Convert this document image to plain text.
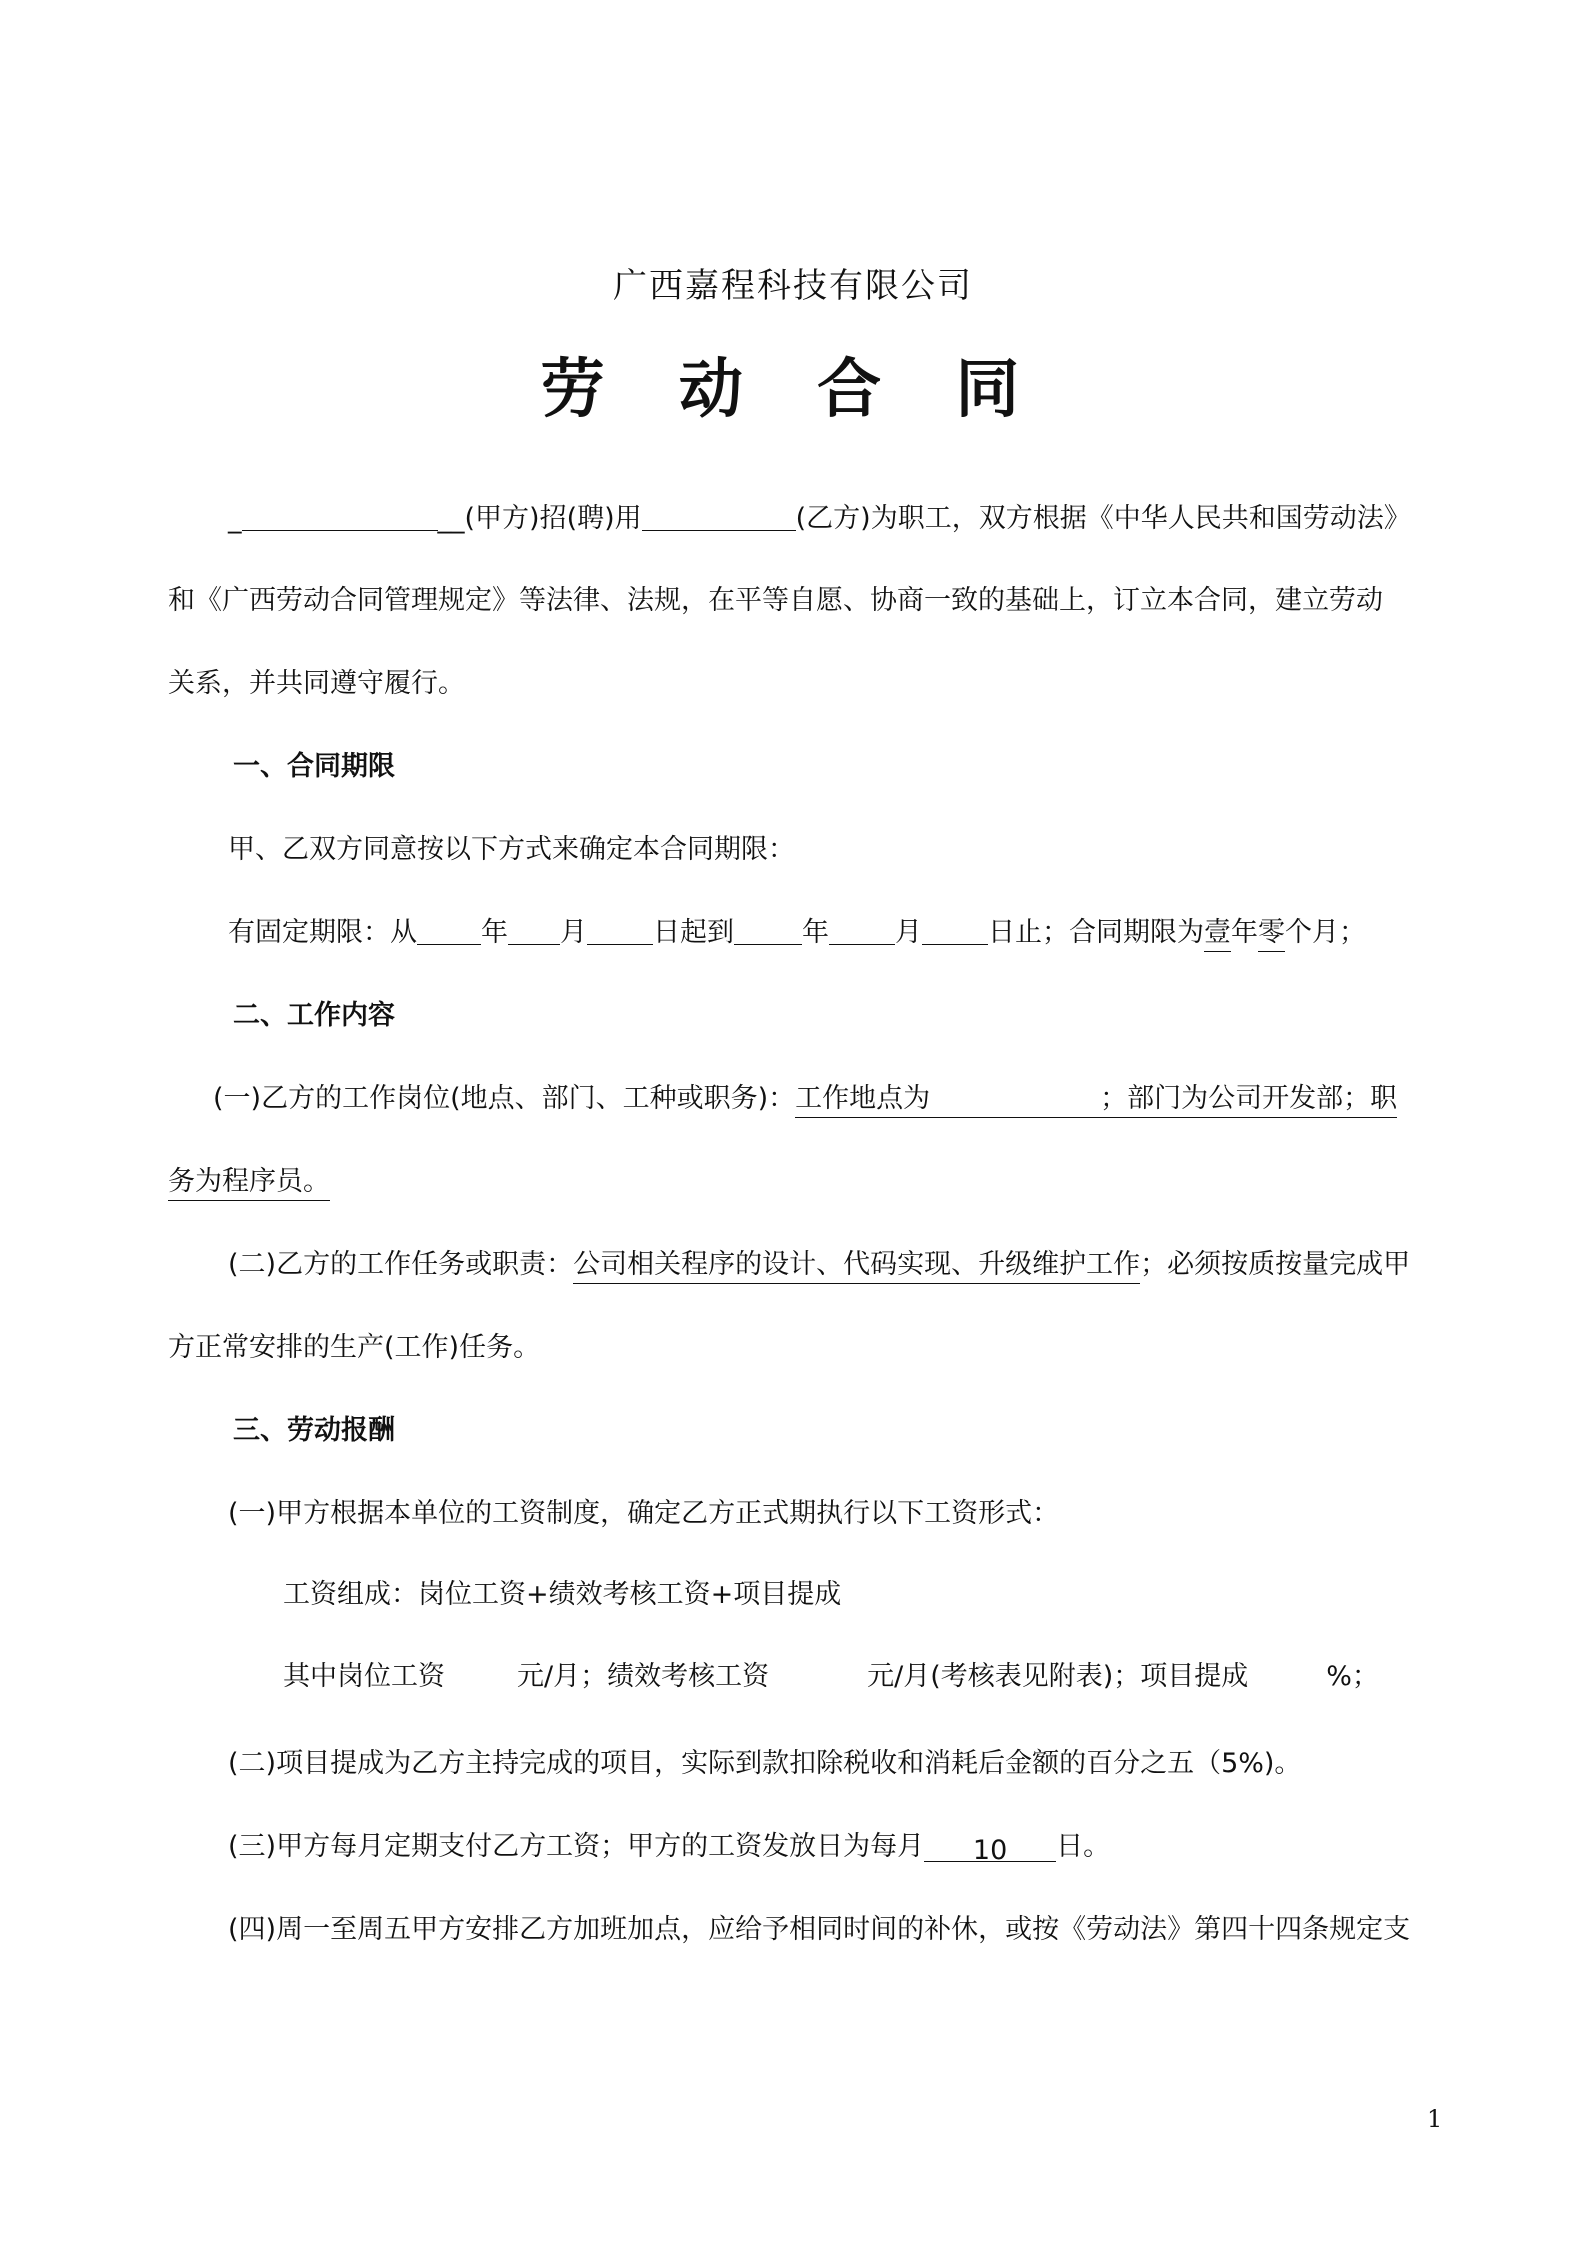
广西嘉程科技有限公司
劳 动 合 同
_	__(甲方)招(聘)用	(乙方)为职工，双方根据《中华人民共和国劳动法》
和《广西劳动合同管理规定》等法律、法规，在平等自愿、协商一致的基础上，订立本合同，建立劳动
关系，并共同遵守履行。
一、合同期限
甲、乙双方同意按以下方式来确定本合同期限：
有固定期限：从 年 月 日起到	年 月 日止；合同期限为壹年零个月；
二、工作内容
(一)乙方的工作岗位(地点、部门、工种或职务)：工作地点为	；部门为公司开发部；职
务为程序员。
(二)乙方的工作任务或职责：公司相关程序的设计、代码实现、升级维护工作；必须按质按量完成甲
方正常安排的生产(工作)任务。
三、劳动报酬
(一)甲方根据本单位的工资制度，确定乙方正式期执行以下工资形式：
工资组成：岗位工资+绩效考核工资+项目提成
其中岗位工资	元/月；绩效考核工资	元/月(考核表见附表)；项目提成	%；
(二)项目提成为乙方主持完成的项目，实际到款扣除税收和消耗后金额的百分之五（5%)。
(三)甲方每月定期支付乙方工资；甲方的工资发放日为每月 10 日。
(四)周一至周五甲方安排乙方加班加点，应给予相同时间的补休，或按《劳动法》第四十四条规定支
1
